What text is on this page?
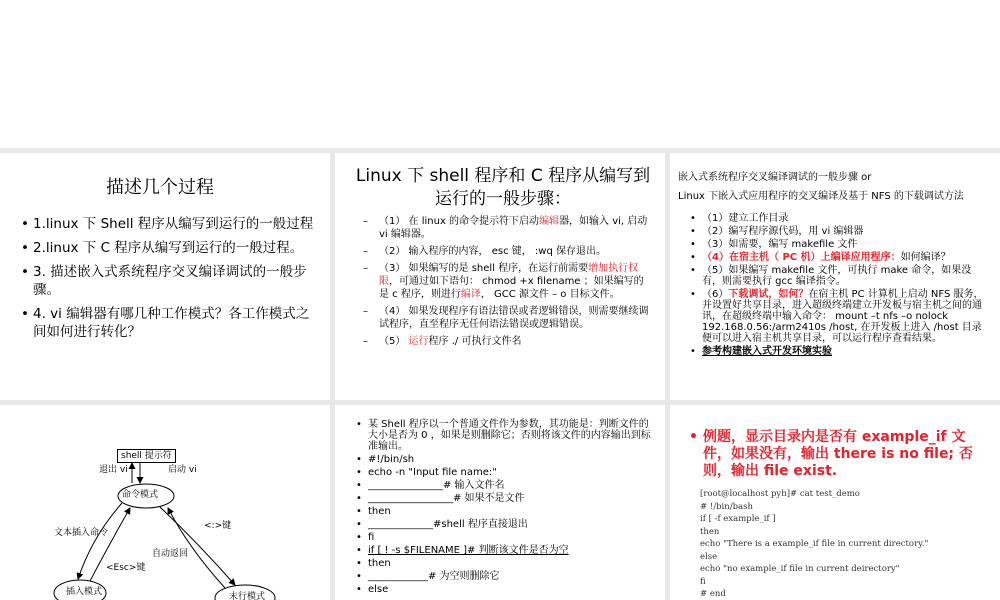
描述几个过程
• 1.linux 下 Shell 程序从编写到运行的一般过程
• 2.linux 下 C 程序从编写到运行的一般过程。
• 3. 描述嵌入式系统程序交叉编译调试的一般步骤。
• 4. vi 编辑器有哪几种工作模式？各工作模式之间如何进行转化？
Linux 下 shell 程序和 C 程序从编写到运行的一般步骤：
– （1） 在 linux 的命令提示符下启动编辑器，如输入 vi, 启动 vi 编辑器。
– （2） 输入程序的内容， esc 键， :wq 保存退出。
– （3） 如果编写的是 shell 程序，在运行前需要增加执行权限，可通过如下语句： chmod +x filename ；如果编写的是 c 程序，则进行编译， GCC 源文件 – o 目标文件。
– （4） 如果发现程序有语法错误或者逻辑错误，则需要继续调试程序，直至程序无任何语法错误或逻辑错误。
– （5） 运行程序 ./ 可执行文件名
嵌入式系统程序交叉编译调试的一般步骤 or
Linux 下嵌入式应用程序的交叉编译及基于 NFS 的下载调试方法
• （1）建立工作目录
• （2）编写程序源代码，用 vi 编辑器
• （3）如需要，编写 makefile 文件
• （4）在宿主机（ PC 机）上编译应用程序：如何编译？
• （5）如果编写 makefile 文件，可执行 make 命令，如果没有，则需要执行 gcc 编译指令。
• （6）下载调试，如何？在宿主机 PC 计算机上启动 NFS 服务，并设置好共享目录，进入超级终端建立开发板与宿主机之间的通讯，在超级终端中输入命令： mount –t nfs –o nolock 192.168.0.56:/arm2410s /host, 在开发板上进入 /host 目录便可以进入宿主机共享目录，可以运行程序查看结果。
• 参考构建嵌入式开发环境实验
shell 提示符
退出 vi	启动 vi
命令模式
文本插入命令
<:>键
自动返回
<Esc>键
插入模式	末行模式
• 某 Shell 程序以一个普通文件作为参数，其功能是：判断文件的大小是否为 0 ，如果是则删除它；否则将该文件的内容输出到标准输出。
• #!/bin/sh
• echo -n "Input file name:"
• _______________# 输入文件名
• _________________# 如果不是文件
• then
• _____________#shell 程序直接退出
• fi
• if [ ! -s $FILENAME ]# 判断该文件是否为空
• then
• ____________# 为空则删除它
• else
• 例题，显示目录内是否有 example_if 文件，如果没有，输出 there is no file; 否则，输出 file exist.
[root@localhost pyh]# cat test_demo
# !/bin/bash
if [ -f example_if ]
then
echo "There is a example_if file in current directory."
else
echo "no example_if file in current deirectory"
fi
# end
